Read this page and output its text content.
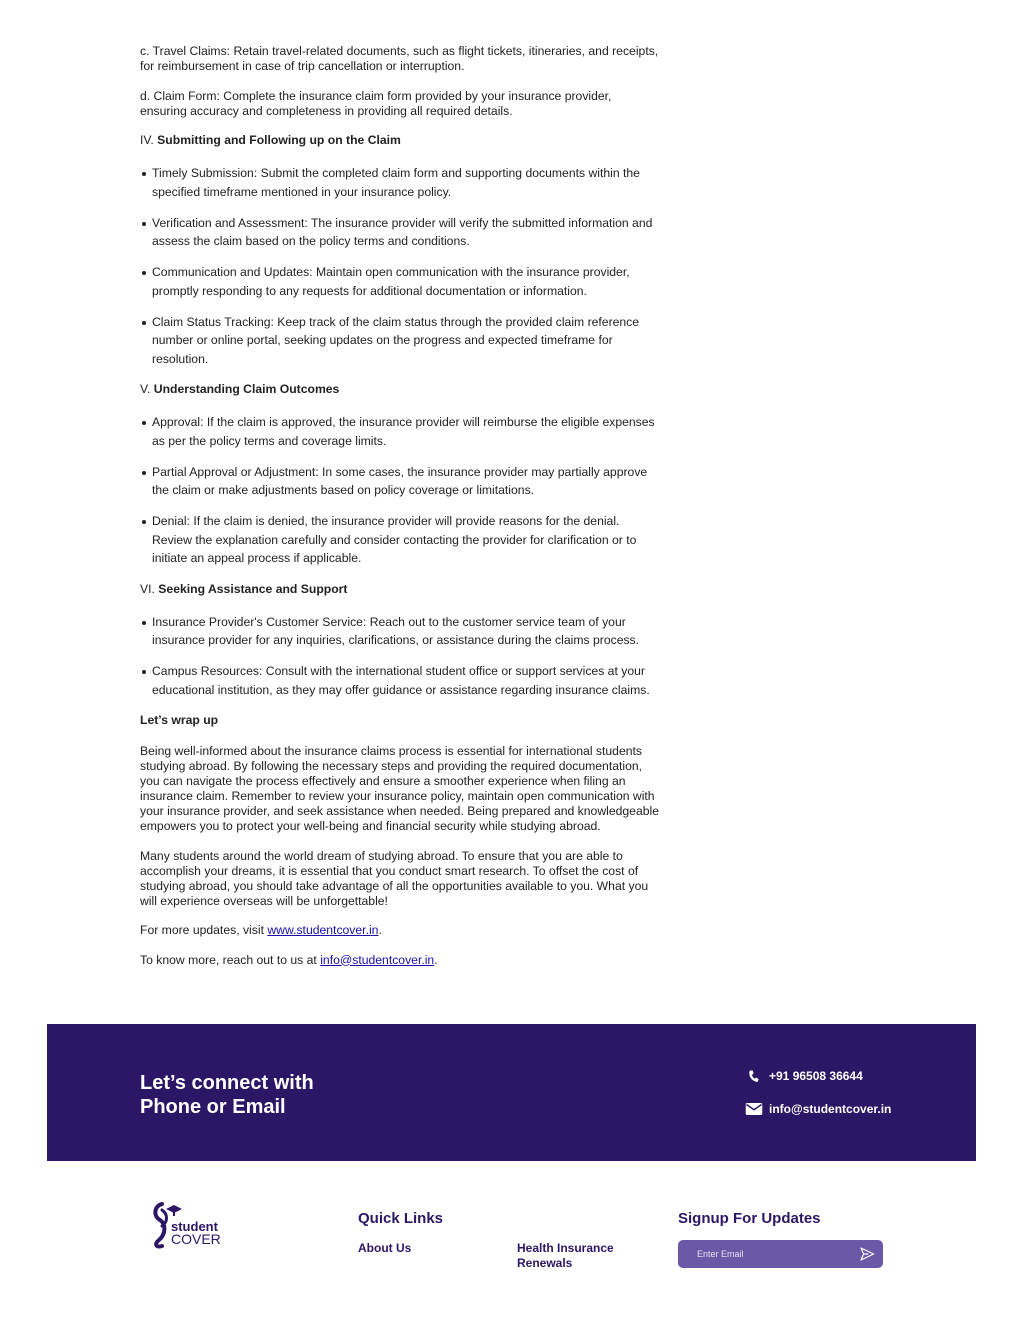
c. Travel Claims: Retain travel-related documents, such as flight tickets, itineraries, and receipts, for reimbursement in case of trip cancellation or interruption.

d. Claim Form: Complete the insurance claim form provided by your insurance provider, ensuring accuracy and completeness in providing all required details.

IV. Submitting and Following up on the Claim

Timely Submission: Submit the completed claim form and supporting documents within the specified timeframe mentioned in your insurance policy.
Verification and Assessment: The insurance provider will verify the submitted information and assess the claim based on the policy terms and conditions.
Communication and Updates: Maintain open communication with the insurance provider, promptly responding to any requests for additional documentation or information.
Claim Status Tracking: Keep track of the claim status through the provided claim reference number or online portal, seeking updates on the progress and expected timeframe for resolution.

V. Understanding Claim Outcomes

Approval: If the claim is approved, the insurance provider will reimburse the eligible expenses as per the policy terms and coverage limits.
Partial Approval or Adjustment: In some cases, the insurance provider may partially approve the claim or make adjustments based on policy coverage or limitations.
Denial: If the claim is denied, the insurance provider will provide reasons for the denial. Review the explanation carefully and consider contacting the provider for clarification or to initiate an appeal process if applicable.

VI. Seeking Assistance and Support

Insurance Provider's Customer Service: Reach out to the customer service team of your insurance provider for any inquiries, clarifications, or assistance during the claims process.
Campus Resources: Consult with the international student office or support services at your educational institution, as they may offer guidance or assistance regarding insurance claims.

Let’s wrap up

Being well-informed about the insurance claims process is essential for international students studying abroad. By following the necessary steps and providing the required documentation, you can navigate the process effectively and ensure a smoother experience when filing an insurance claim. Remember to review your insurance policy, maintain open communication with your insurance provider, and seek assistance when needed. Being prepared and knowledgeable empowers you to protect your well-being and financial security while studying abroad.

Many students around the world dream of studying abroad. To ensure that you are able to accomplish your dreams, it is essential that you conduct smart research. To offset the cost of studying abroad, you should take advantage of all the opportunities available to you. What you will experience overseas will be unforgettable!

For more updates, visit www.studentcover.in.

To know more, reach out to us at info@studentcover.in.

Let’s connect with
Phone or Email
+91 96508 36644
info@studentcover.in
student
COVER
Quick Links
About Us	Health Insurance Renewals
Signup For Updates
Enter Email
